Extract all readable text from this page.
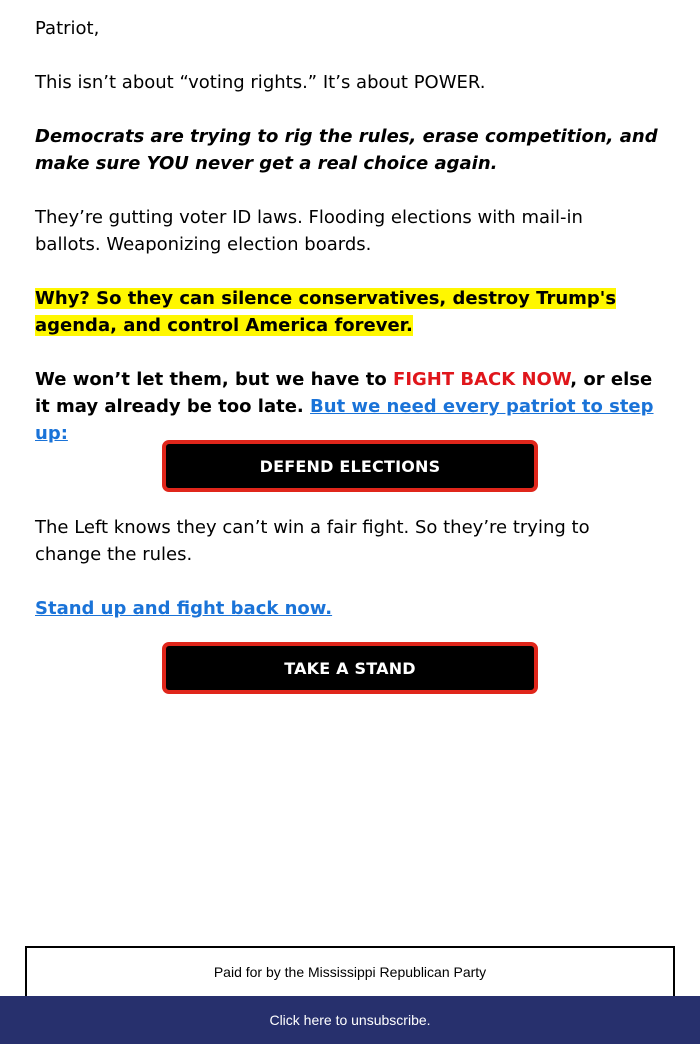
Patriot,

This isn’t about “voting rights.” It’s about POWER.

Democrats are trying to rig the rules, erase competition, and make sure YOU never get a real choice again.

They’re gutting voter ID laws. Flooding elections with mail-in ballots. Weaponizing election boards.

Why? So they can silence conservatives, destroy Trump's agenda, and control America forever.

We won’t let them, but we have to FIGHT BACK NOW, or else it may already be too late. But we need every patriot to step up:

The Left knows they can’t win a fair fight. So they’re trying to change the rules.

Stand up and fight back now.

DEFEND ELECTIONS
TAKE A STAND
Paid for by the Mississippi Republican Party
Click here to unsubscribe.
